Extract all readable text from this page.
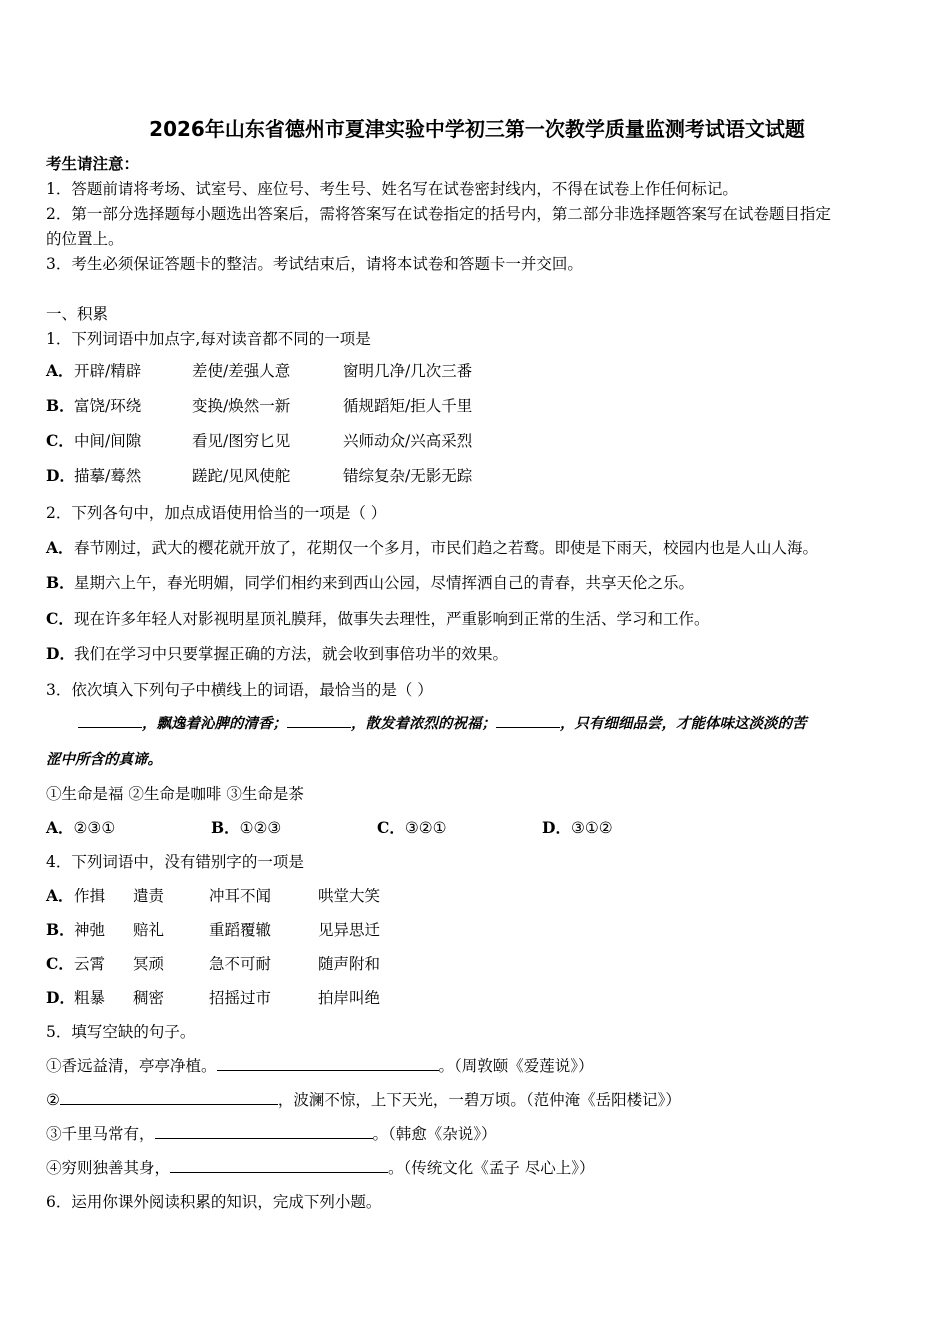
2026年山东省德州市夏津实验中学初三第一次教学质量监测考试语文试题
考生请注意：
1．答题前请将考场、试室号、座位号、考生号、姓名写在试卷密封线内，不得在试卷上作任何标记。
2．第一部分选择题每小题选出答案后，需将答案写在试卷指定的括号内，第二部分非选择题答案写在试卷题目指定
的位置上。
3．考生必须保证答题卡的整洁。考试结束后，请将本试卷和答题卡一并交回。
一、积累
1．下列词语中加点字,每对读音都不同的一项是
A． 开辟/精辟	差使/差强人意	窗明几净/几次三番
B． 富饶/环绕	变换/焕然一新	循规蹈矩/拒人千里
C． 中间/间隙	看见/图穷匕见	兴师动众/兴高采烈
D． 描摹/蓦然	蹉跎/见风使舵	错综复杂/无影无踪
2．下列各句中，加点成语使用恰当的一项是（ ）
A． 春节刚过，武大的樱花就开放了，花期仅一个多月，市民们趋之若鹜。即使是下雨天，校园内也是人山人海。
B． 星期六上午，春光明媚，同学们相约来到西山公园，尽情挥洒自己的青春，共享天伦之乐。
C． 现在许多年轻人对影视明星顶礼膜拜，做事失去理性，严重影响到正常的生活、学习和工作。
D． 我们在学习中只要掌握正确的方法，就会收到事倍功半的效果。
3．依次填入下列句子中横线上的词语，最恰当的是（ ）
，飘逸着沁脾的清香；	，散发着浓烈的祝福；	，只有细细品尝，才能体味这淡淡的苦
涩中所含的真谛。
①生命是福 ②生命是咖啡 ③生命是茶
A．②③①	B．①②③	C．③②①	D．③①②
4．下列词语中，没有错别字的一项是
A． 作揖 遣责	冲耳不闻	哄堂大笑
B． 神弛 赔礼	重蹈覆辙	见异思迁
C． 云霄 冥顽	急不可耐	随声附和
D． 粗暴 稠密	招摇过市	拍岸叫绝
5．填写空缺的句子。
①香远益清，亭亭净植。	。（周敦颐《爱莲说》）
②	，波澜不惊，上下天光，一碧万顷。（范仲淹《岳阳楼记》）
③千里马常有，	。（韩愈《杂说》）
④穷则独善其身，	。（传统文化《孟子 尽心上》）
6．运用你课外阅读积累的知识，完成下列小题。
